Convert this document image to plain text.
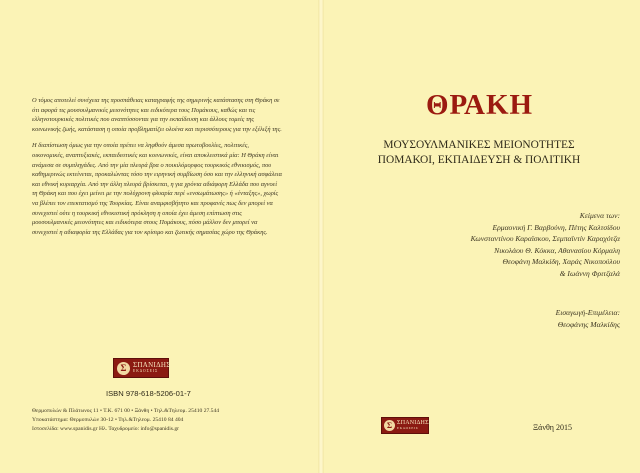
Ο τόμος αποτελεί συνέχεια της προσπάθειας καταγραφής της σημερινής κατάστασης στη Θράκη σε ότι αφορά τις μουσουλμανικές μειονότητες και ειδικότερα τους Πομάκους, καθώς και τις ελληνοτουρκικές πολιτικές που αναπτύσσονται για την εκπαίδευση και άλλους τομείς της κοινωνικής ζωής, κατάσταση η οποία προβληματίζει ολοένα και περισσότερους για την εξέλιξή της.

Η διαπίστωση όμως για την οποία πρέπει να ληφθούν άμεσα πρωτοβουλίες, πολιτικές, οικονομικές, αναπτυξιακές, εκπαιδευτικές και κοινωνικές, είναι αποκλειστικά μία: Η Θράκη είναι ανάμεσα σε συμπληγάδες. Από την μία πλευρά βρα ο ποικιλόμορφος τουρκικός εθνικισμός, που καθημερινώς εκτείνεται, προκαλώντας τόσο την ειρηνική συμβίωση όσο και την ελληνική ασφάλεια και εθνική κυριαρχία. Από την άλλη πλευρά βρίσκεται, η για χρόνια αδιάφορη Ελλάδα που αγνοεί τη Θράκη και που έχει μείνει με την πολύχρονη φλυαρία περί «ενσωμάτωσης» ή «ένταξης», χωρίς να βλέπει τον επεκτατισμό της Τουρκίας. Είναι αναμφισβήτητο και προφανές πως δεν μπορεί να συνεχιστεί ούτε η τουρκική εθνικιστική πρόκληση η οποία έχει άμεση επίπτωση στις μουσουλμανικές μειονότητες και ειδικότερα στους Πομάκους, πόσο μάλλον δεν μπορεί να συνεχιστεί η αδιαφορία της Ελλάδας για τον κρίσιμο και ζωτικής σημασίας χώρο της Θράκης.

Σ ΣΠΑΝΙΔΗΣ
ΕΚΔΟΣΕΙΣ
ISBN 978-618-5206-01-7
Θερμοπυλών & Πλάτωνος 11 • Τ.Κ. 671 00 • Ξάνθη • Τηλ.&Τηλεομ. 25410 27.544
Υποκατάστημα: Θερμοπυλών 30-12 • Τηλ.&Τηλεομ. 25410 84 404
Ιστοσελίδα: www.spanidis.gr Ηλ. Ταχυδρομείο: info@spanidis.gr
ΘΡΑΚΗ
ΜΟΥΣΟΥΛΜΑΝΙΚΕΣ ΜΕΙΟΝΟΤΗΤΕΣ
ΠΟΜΑΚΟΙ, ΕΚΠΑΙΔΕΥΣΗ & ΠΟΛΙΤΙΚΗ
Κείμενα των:
Ερμαονική Γ. Βαρβούνη, Πέτης Καλτσίδου
Κωνσταντίνου Καραϊσκου, Σεμπαϊντίν Καραχότζα
Νικολάου Θ. Κόκκα, Αθανασίου Κόρμαλη
Θεοφάνη Μαλκίδη, Χαράς Νικοπούλου
& Ιωάννη Φριτζαλά
Εισαγωγή-Επιμέλεια:
Θεοφάνης Μαλκίδης
Σ ΣΠΑΝΙΔΗΣ
ΕΚΔΟΣΕΙΣ	Ξάνθη 2015
